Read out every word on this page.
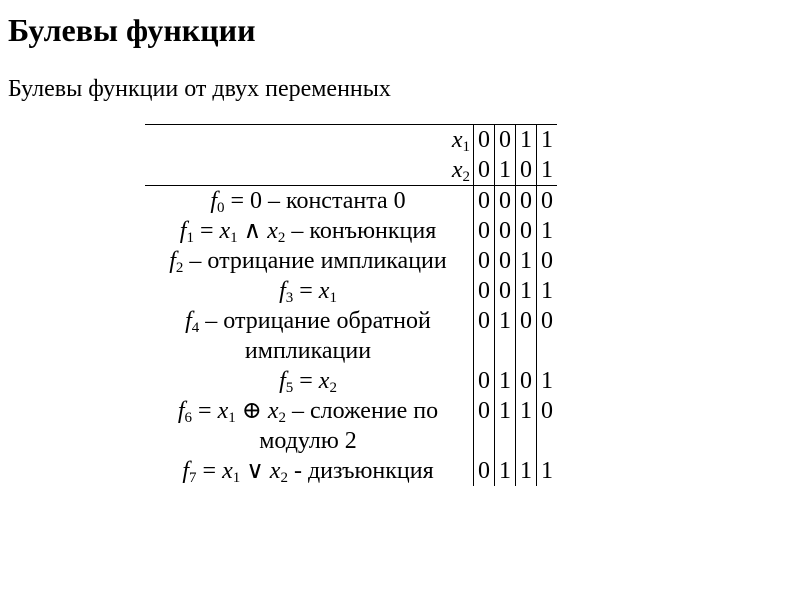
Булевы функции

Булевы функции от двух переменных

$x_1$	0	0	1	1
$x_2$	0	1	0	1
$f_0 = 0$ – константа 0	0	0	0	0
$f_1 = x_1$ ∧ $x_2$ – конъюнкция	0	0	0	1
$f_2$ – отрицание импликации	0	0	1	0
$f_3 = x_1$	0	0	1	1
$f_4$ – отрицание обратной импликации	0	1	0	0
$f_5 = x_2$	0	1	0	1
$f_6 = x_1$ ⊕ $x_2$ – сложение по модулю 2	0	1	1	0
$f_7 = x_1$ ∨ $x_2$ - дизъюнкция	0	1	1	1
